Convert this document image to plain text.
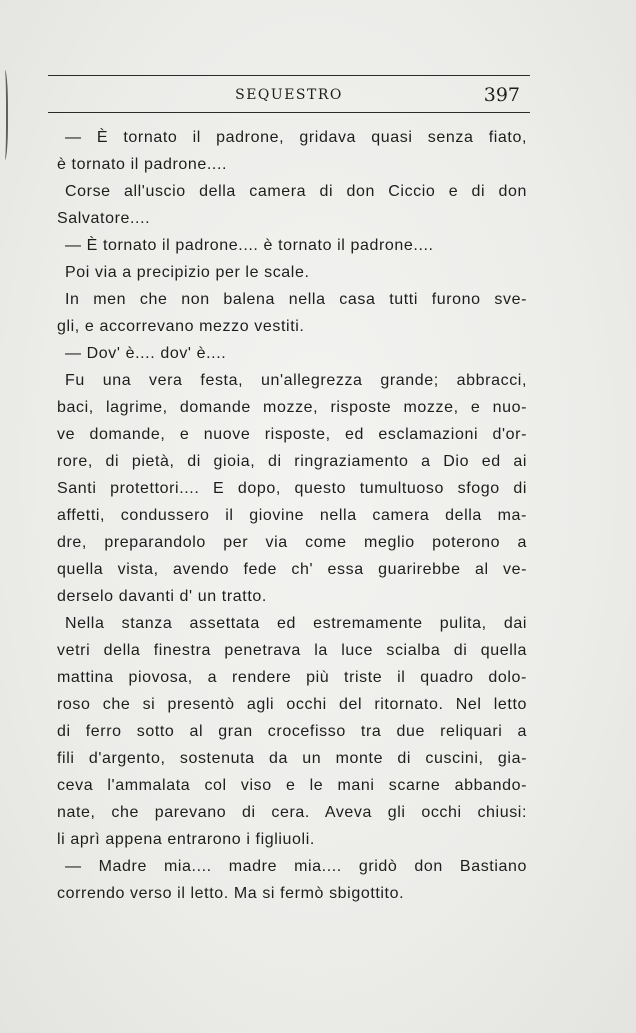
SEQUESTRO	397
— È tornato il padrone, gridava quasi senza fiato,
è tornato il padrone....
Corse all'uscio della camera di don Ciccio e di don
Salvatore....
— È tornato il padrone.... è tornato il padrone....
Poi via a precipizio per le scale.
In men che non balena nella casa tutti furono sve-
gli, e accorrevano mezzo vestiti.
— Dov' è.... dov' è....
Fu una vera festa, un'allegrezza grande; abbracci,
baci, lagrime, domande mozze, risposte mozze, e nuo-
ve domande, e nuove risposte, ed esclamazioni d'or-
rore, di pietà, di gioia, di ringraziamento a Dio ed ai
Santi protettori.... E dopo, questo tumultuoso sfogo di
affetti, condussero il giovine nella camera della ma-
dre, preparandolo per via come meglio poterono a
quella vista, avendo fede ch' essa guarirebbe al ve-
derselo davanti d' un tratto.
Nella stanza assettata ed estremamente pulita, dai
vetri della finestra penetrava la luce scialba di quella
mattina piovosa, a rendere più triste il quadro dolo-
roso che si presentò agli occhi del ritornato. Nel letto
di ferro sotto al gran crocefisso tra due reliquari a
fili d'argento, sostenuta da un monte di cuscini, gia-
ceva l'ammalata col viso e le mani scarne abbando-
nate, che parevano di cera. Aveva gli occhi chiusi:
li aprì appena entrarono i figliuoli.
— Madre mia.... madre mia.... gridò don Bastiano
correndo verso il letto. Ma si fermò sbigottito.
